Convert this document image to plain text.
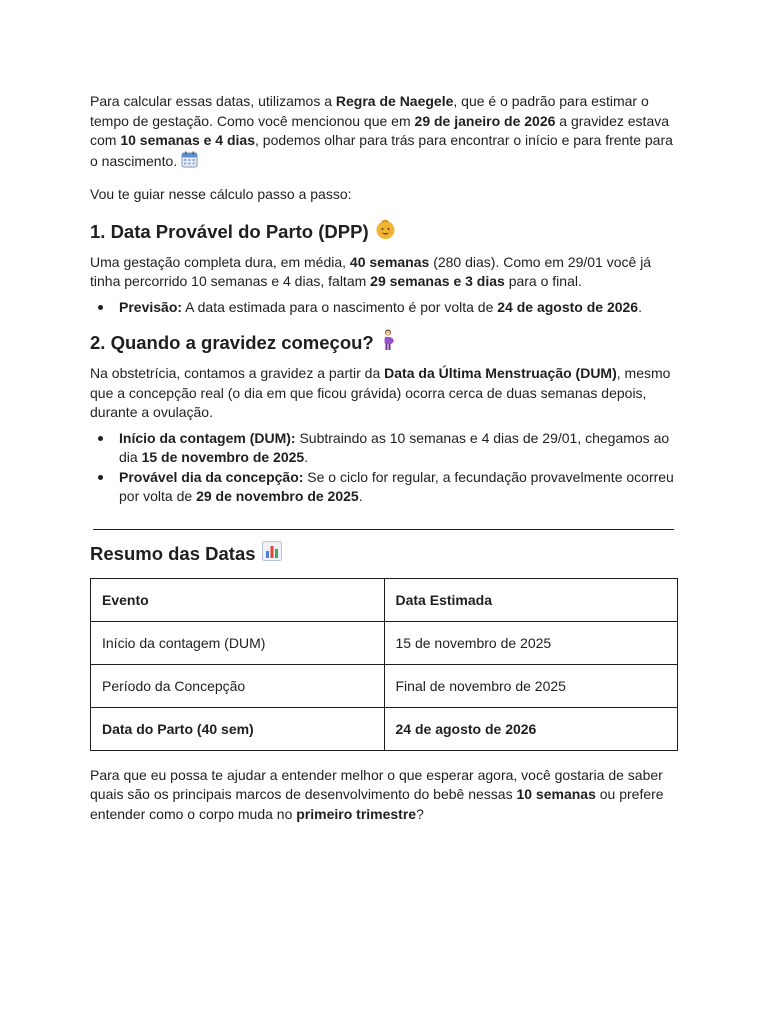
Para calcular essas datas, utilizamos a Regra de Naegele, que é o padrão para estimar o tempo de gestação. Como você mencionou que em 29 de janeiro de 2026 a gravidez estava com 10 semanas e 4 dias, podemos olhar para trás para encontrar o início e para frente para o nascimento.

Vou te guiar nesse cálculo passo a passo:

1. Data Provável do Parto (DPP)

Uma gestação completa dura, em média, 40 semanas (280 dias). Como em 29/01 você já tinha percorrido 10 semanas e 4 dias, faltam 29 semanas e 3 dias para o final.

Previsão: A data estimada para o nascimento é por volta de 24 de agosto de 2026.
2. Quando a gravidez começou?

Na obstetrícia, contamos a gravidez a partir da Data da Última Menstruação (DUM), mesmo que a concepção real (o dia em que ficou grávida) ocorra cerca de duas semanas depois, durante a ovulação.

Início da contagem (DUM): Subtraindo as 10 semanas e 4 dias de 29/01, chegamos ao dia 15 de novembro de 2025.
Provável dia da concepção: Se o ciclo for regular, a fecundação provavelmente ocorreu por volta de 29 de novembro de 2025.
Resumo das Datas
Evento	Data Estimada
Início da contagem (DUM)	15 de novembro de 2025
Período da Concepção	Final de novembro de 2025
Data do Parto (40 sem)	24 de agosto de 2026

Para que eu possa te ajudar a entender melhor o que esperar agora, você gostaria de saber quais são os principais marcos de desenvolvimento do bebê nessas 10 semanas ou prefere entender como o corpo muda no primeiro trimestre?
